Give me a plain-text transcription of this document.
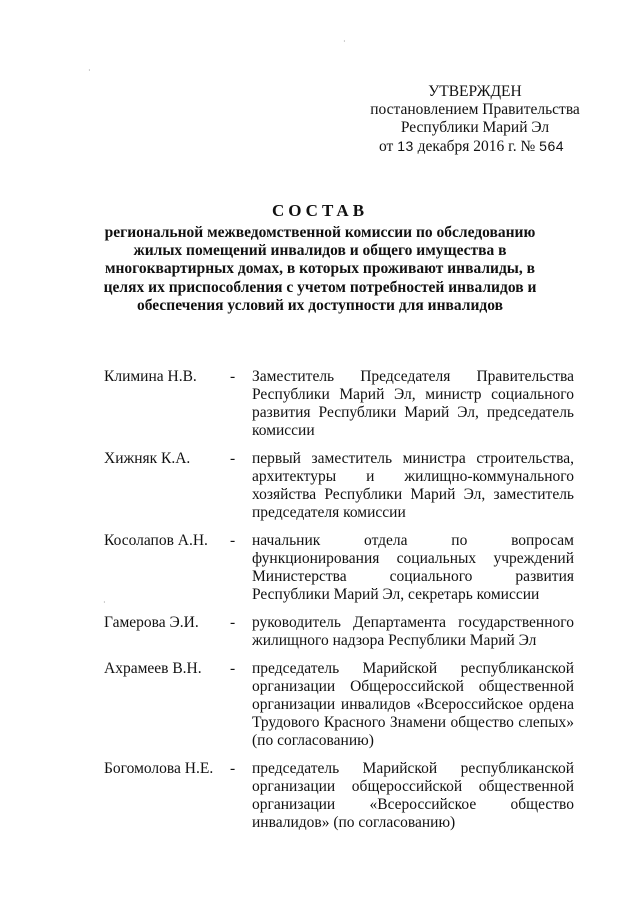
УТВЕРЖДЕН
постановлением Правительства
Республики Марий Эл
от 13 декабря 2016 г. № 564
СОСТАВ
региональной межведомственной комиссии по обследованию жилых помещений инвалидов и общего имущества в многоквартирных домах, в которых проживают инвалиды, в целях их приспособления с учетом потребностей инвалидов и обеспечения условий их доступности для инвалидов
Климина Н.В.	-	Заместитель Председателя Правительства Республики Марий Эл, министр социального развития Республики Марий Эл, председатель комиссии
Хижняк К.А.	-	первый заместитель министра строительства, архитектуры и жилищно-коммунального хозяйства Республики Марий Эл, заместитель председателя комиссии
Косолапов А.Н.	-	начальник отдела по вопросам функционирования социальных учреждений Министерства социального развития Республики Марий Эл, секретарь комиссии
Гамерова Э.И.	-	руководитель Департамента государственного жилищного надзора Республики Марий Эл
Ахрамеев В.Н.	-	председатель Марийской республиканской организации Общероссийской общественной организации инвалидов «Всероссийское ордена Трудового Красного Знамени общество слепых» (по согласованию)
Богомолова Н.Е.	-	председатель Марийской республиканской организации общероссийской общественной организации «Всероссийское общество инвалидов» (по согласованию)
·
·
·
